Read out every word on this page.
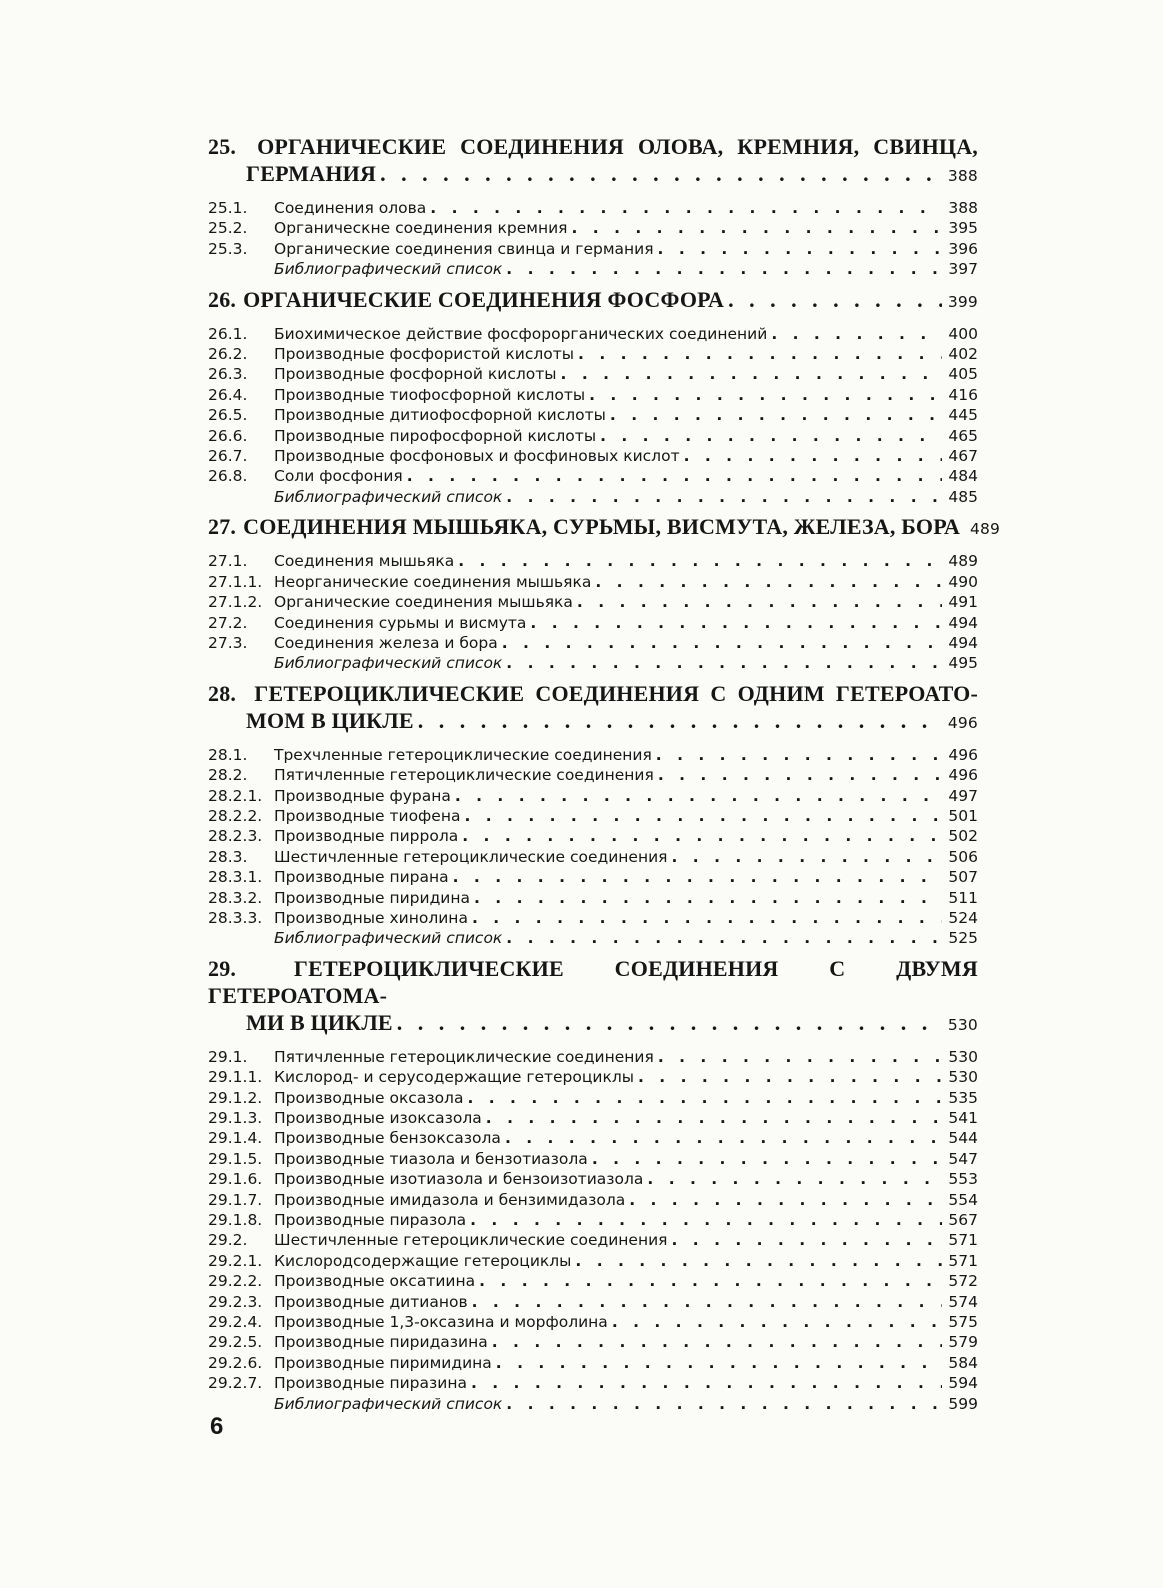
25. ОРГАНИЧЕСКИЕ СОЕДИНЕНИЯ ОЛОВА, КРЕМНИЯ, СВИНЦА,
ГЕРМАНИЯ . . .	388
25.1.	Соединения олова . . .	388
25.2.	Органическне соединения кремния . . .	395
25.3.	Органические соединения свинца и германия . . .	396
Библиографический список . . .	397
26. ОРГАНИЧЕСКИЕ СОЕДИНЕНИЯ ФОСФОРА . . .	399
26.1.	Биохимическое действие фосфорорганических соединений . . .	400
26.2.	Производные фосфористой кислоты . . .	402
26.3.	Производные фосфорной кислоты . . .	405
26.4.	Производные тиофосфорной кислоты . . .	416
26.5.	Производные дитиофосфорной кислоты . . .	445
26.6.	Производные пирофосфорной кислоты . . .	465
26.7.	Производные фосфоновых и фосфиновых кислот . . .	467
26.8.	Соли фосфония . . .	484
Библиографический список . . .	485
27. СОЕДИНЕНИЯ МЫШЬЯКА, СУРЬМЫ, ВИСМУТА, ЖЕЛЕЗА, БОРА 489
27.1.	Соединения мышьяка . . .	489
27.1.1. Неорганические соединения мышьяка . . .	490
27.1.2. Органические соединения мышьяка . . .	491
27.2.	Соединения сурьмы и висмута . . .	494
27.3.	Соединения железа и бора . . .	494
Библиографический список . . .	495
28. ГЕТЕРОЦИКЛИЧЕСКИЕ СОЕДИНЕНИЯ С ОДНИМ ГЕТЕРОАТО-
МОМ В ЦИКЛЕ . . .	496
28.1.	Трехчленные гетероциклические соединения . . .	496
28.2.	Пятичленные гетероциклические соединения . . .	496
28.2.1. Производные фурана . . .	497
28.2.2. Производные тиофена . . .	501
28.2.3. Производные пиррола . . .	502
28.3.	Шестичленные гетероциклические соединения . . .	506
28.3.1. Производные пирана . . .	507
28.3.2. Производные пиридина . . .	511
28.3.3. Производные хинолина . . .	524
Библиографический список . . .	525
29.	ГЕТЕРОЦИКЛИЧЕСКИЕ СОЕДИНЕНИЯ С ДВУМЯ ГЕТЕРОАТОМА-
МИ В ЦИКЛЕ . . .	530
29.1.	Пятичленные гетероциклические соединения . . .	530
29.1.1. Кислород- и серусодержащие гетероциклы . . .	530
29.1.2. Производные оксазола . . .	535
29.1.3. Производные изоксазола . . .	541
29.1.4. Производные бензоксазола . . .	544
29.1.5. Производные тиазола и бензотиазола . . .	547
29.1.6. Производные изотиазола и бензоизотиазола . . .	553
29.1.7. Производные имидазола и бензимидазола . . .	554
29.1.8. Производные пиразола . . .	567
29.2.	Шестичленные гетероциклические соединения . . .	571
29.2.1. Кислородсодержащие гетероциклы . . .	571
29.2.2. Производные оксатиина . . .	572
29.2.3. Производные дитианов . . .	574
29.2.4. Производные 1,3-оксазина и морфолина . . .	575
29.2.5. Производные пиридазина . . .	579
29.2.6. Производные пиримидина . . .	584
29.2.7. Производные пиразина . . .	594
Библиографический список . . .	599
6
